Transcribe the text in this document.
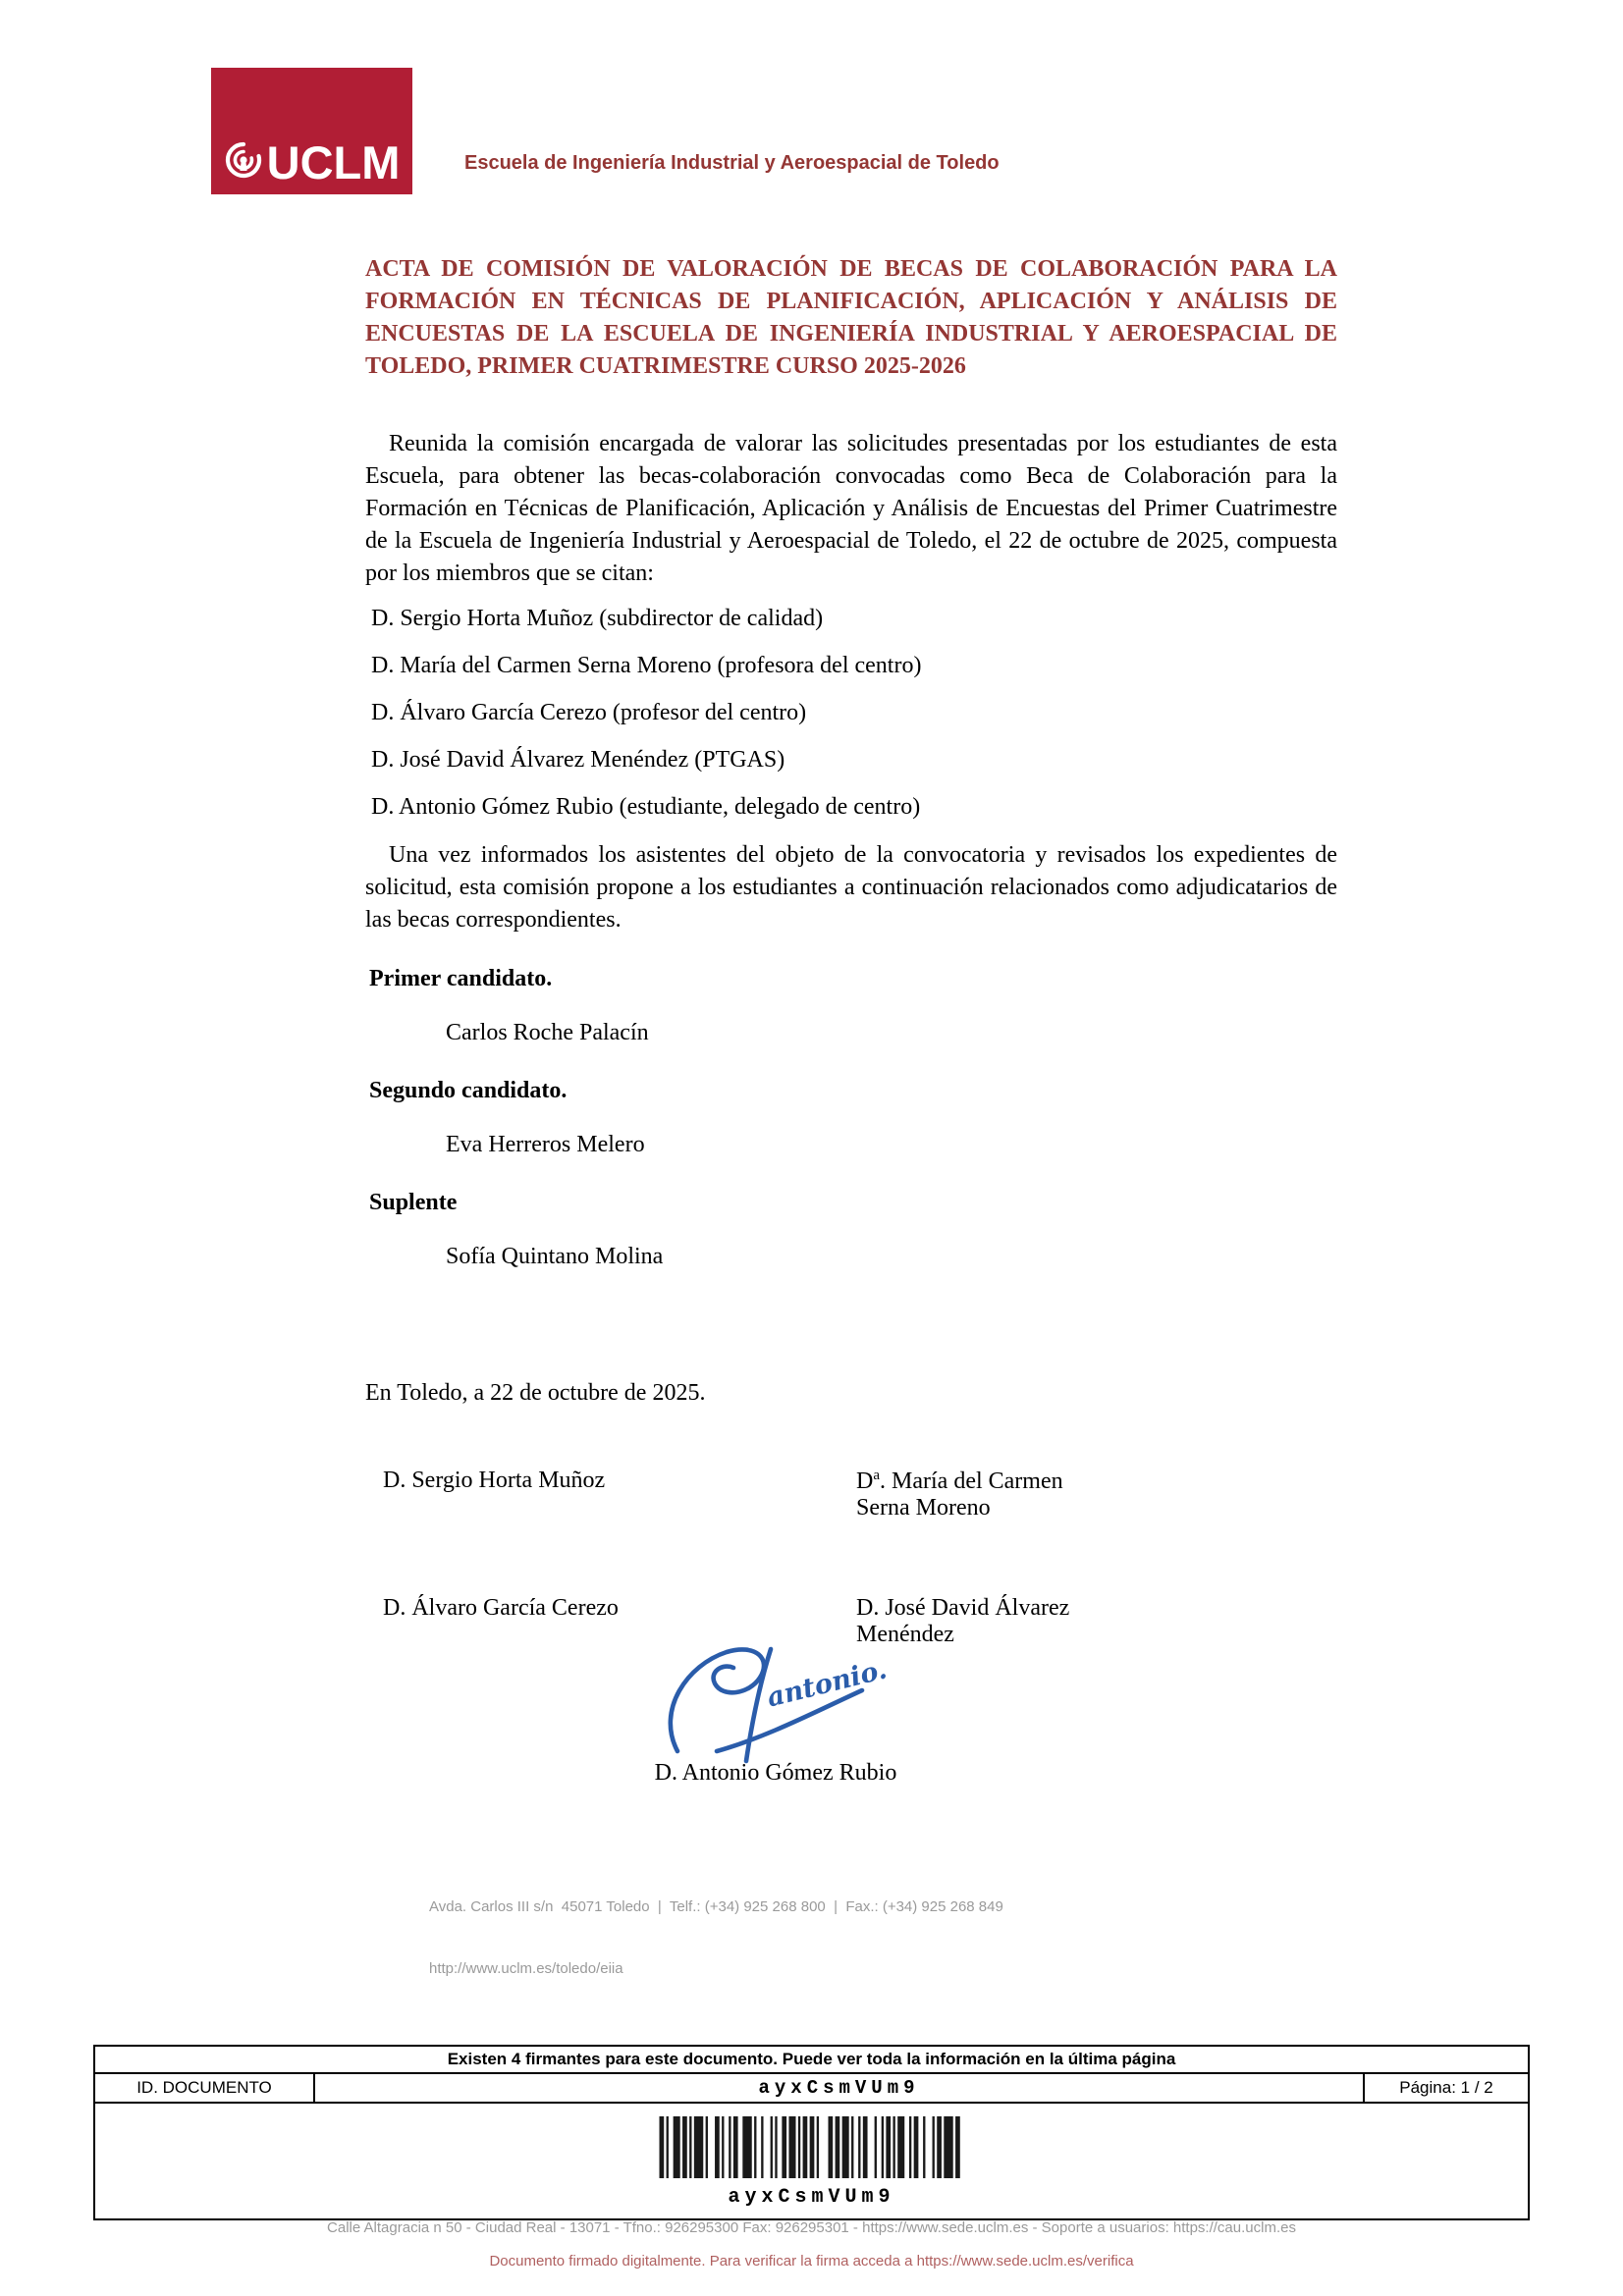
UCLM	Escuela de Ingeniería Industrial y Aeroespacial de Toledo

ACTA DE COMISIÓN DE VALORACIÓN DE BECAS DE COLABORACIÓN PARA LA FORMACIÓN EN TÉCNICAS DE PLANIFICACIÓN, APLICACIÓN Y ANÁLISIS DE ENCUESTAS DE LA ESCUELA DE INGENIERÍA INDUSTRIAL Y AEROESPACIAL DE TOLEDO, PRIMER CUATRIMESTRE CURSO 2025-2026

Reunida la comisión encargada de valorar las solicitudes presentadas por los estudiantes de esta Escuela, para obtener las becas-colaboración convocadas como Beca de Colaboración para la Formación en Técnicas de Planificación, Aplicación y Análisis de Encuestas del Primer Cuatrimestre de la Escuela de Ingeniería Industrial y Aeroespacial de Toledo, el 22 de octubre de 2025, compuesta por los miembros que se citan:

D. Sergio Horta Muñoz (subdirector de calidad)
D. María del Carmen Serna Moreno (profesora del centro)
D. Álvaro García Cerezo (profesor del centro)
D. José David Álvarez Menéndez (PTGAS)
D. Antonio Gómez Rubio (estudiante, delegado de centro)

Una vez informados los asistentes del objeto de la convocatoria y revisados los expedientes de solicitud, esta comisión propone a los estudiantes a continuación relacionados como adjudicatarios de las becas correspondientes.

Primer candidato.

Carlos Roche Palacín

Segundo candidato.

Eva Herreros Melero

Suplente

Sofía Quintano Molina

En Toledo, a 22 de octubre de 2025.
D. Sergio Horta Muñoz	$D^a$. María del Carmen Serna Moreno
D. Álvaro García Cerezo	D. José David Álvarez Menéndez
antonio.
D. Antonio Gómez Rubio

Avda. Carlos III s/n  45071 Toledo  |  Telf.: (+34) 925 268 800  |  Fax.: (+34) 925 268 849

http://www.uclm.es/toledo/eiia

Existen 4 firmantes para este documento. Puede ver toda la información en la última página
ID. DOCUMENTO	ayxCsmVUm9	Página: 1 / 2
ayxCsmVUm9
Calle Altagracia n 50 - Ciudad Real - 13071 - Tfno.: 926295300 Fax: 926295301 - https://www.sede.uclm.es - Soporte a usuarios: https://cau.uclm.es
Documento firmado digitalmente. Para verificar la firma acceda a https://www.sede.uclm.es/verifica
